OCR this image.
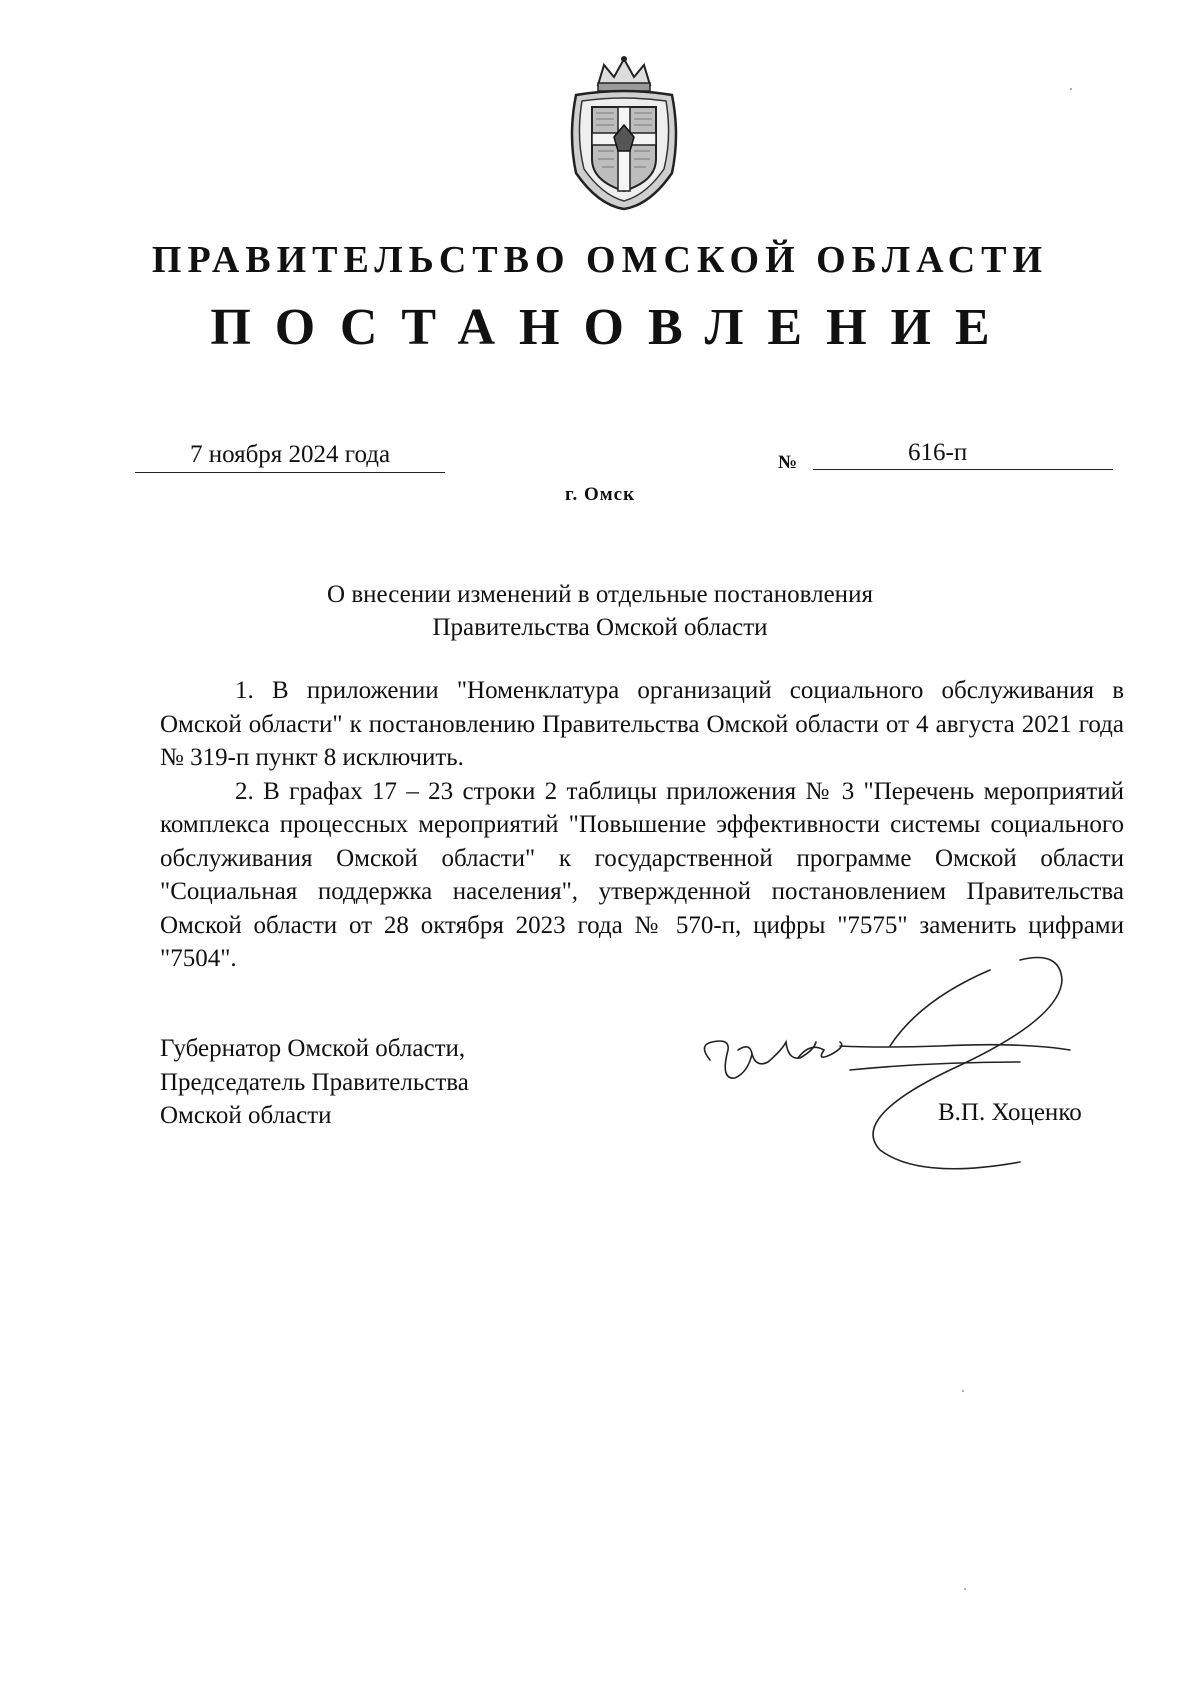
ПРАВИТЕЛЬСТВО ОМСКОЙ ОБЛАСТИ
ПОСТАНОВЛЕНИЕ
7 ноября 2024 года	№	616-п
г. Омск
О внесении изменений в отдельные постановления
Правительства Омской области

1. В приложении "Номенклатура организаций социального обслуживания в Омской области" к постановлению Правительства Омской области от 4 августа 2021 года № 319-п пункт 8 исключить.

2. В графах 17 – 23 строки 2 таблицы приложения № 3 "Перечень мероприятий комплекса процессных мероприятий "Повышение эффективности системы социального обслуживания Омской области" к государственной программе Омской области "Социальная поддержка населения", утвержденной постановлением Правительства Омской области от 28 октября 2023 года № 570-п, цифры "7575" заменить цифрами "7504".

Губернатор Омской области,
Председатель Правительства
Омской области	В.П. Хоценко
